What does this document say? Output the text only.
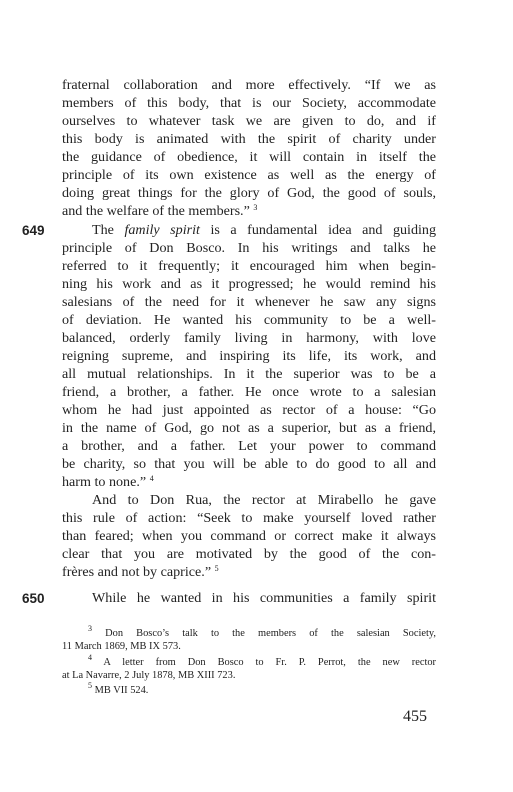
fraternal collaboration and more effectively. “If we as
members of this body, that is our Society, accommodate
ourselves to whatever task we are given to do, and if
this body is animated with the spirit of charity under
the guidance of obedience, it will contain in itself the
principle of its own existence as well as the energy of
doing great things for the glory of God, the good of souls,
and the welfare of the members.” $^3$
649	The family spirit is a fundamental idea and guiding
principle of Don Bosco. In his writings and talks he
referred to it frequently; it encouraged him when begin-
ning his work and as it progressed; he would remind his
salesians of the need for it whenever he saw any signs
of deviation. He wanted his community to be a well-
balanced, orderly family living in harmony, with love
reigning supreme, and inspiring its life, its work, and
all mutual relationships. In it the superior was to be a
friend, a brother, a father. He once wrote to a salesian
whom he had just appointed as rector of a house: “Go
in the name of God, go not as a superior, but as a friend,
a brother, and a father. Let your power to command
be charity, so that you will be able to do good to all and
harm to none.” $^4$
And to Don Rua, the rector at Mirabello he gave
this rule of action: “Seek to make yourself loved rather
than feared; when you command or correct make it always
clear that you are motivated by the good of the con-
frères and not by caprice.” $^5$
650	While he wanted in his communities a family spirit
$^3$ Don Bosco’s talk to the members of the salesian Society,
11 March 1869, MB IX 573.
$^4$ A letter from Don Bosco to Fr. P. Perrot, the new rector
at La Navarre, 2 July 1878, MB XIII 723.
$^5$ MB VII 524.
455
